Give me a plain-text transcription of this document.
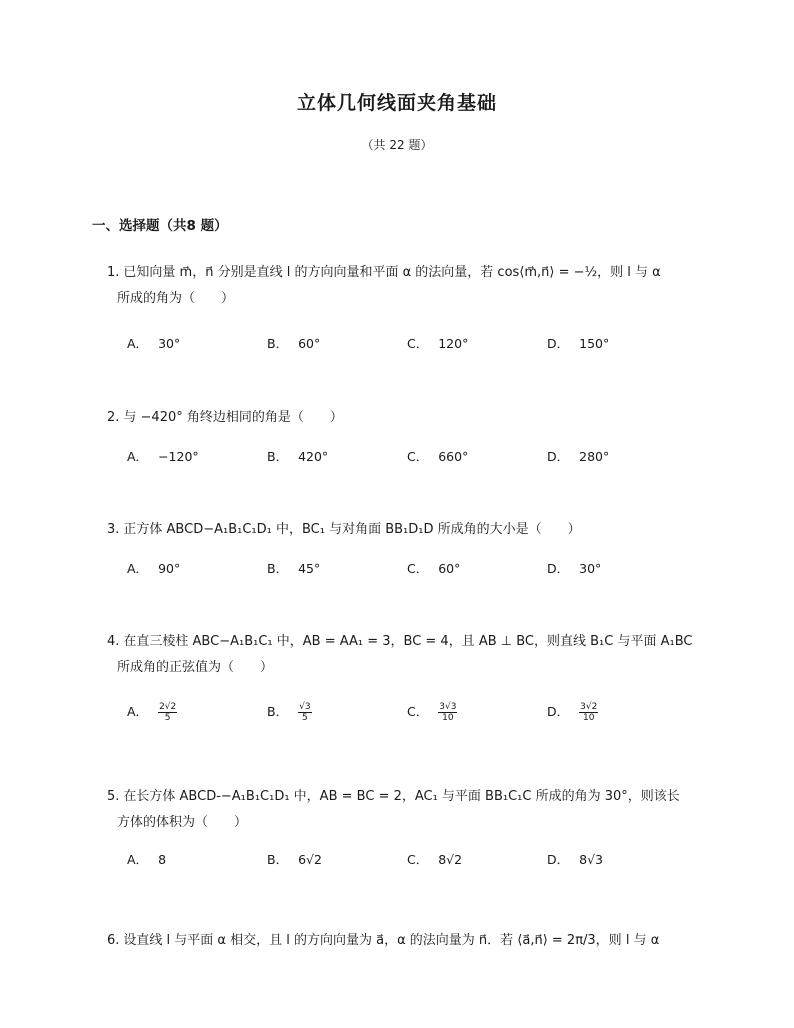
立体几何线面夹角基础
（共 22 题）
一、选择题（共8 题）
1. 已知向量 m⃗，n⃗ 分别是直线 l 的方向向量和平面 α 的法向量，若 cos⟨m⃗,n⃗⟩ = −½，则 l 与 α
所成的角为（　　）
A． 30°	B． 60°	C． 120°	D． 150°
2. 与 −420° 角终边相同的角是（　　）
A． −120°	B． 420°	C． 660°	D． 280°
3. 正方体 ABCD−A₁B₁C₁D₁ 中，BC₁ 与对角面 BB₁D₁D 所成角的大小是（　　）
A． 90°	B． 45°	C． 60°	D． 30°
4. 在直三棱柱 ABC−A₁B₁C₁ 中，AB = AA₁ = 3，BC = 4，且 AB ⊥ BC，则直线 B₁C 与平面 A₁BC
所成角的正弦值为（　　）
A． $\frac{2√2}{5}$	B． $\frac{√3}{5}$	C． $\frac{3√3}{10}$	D． $\frac{3√2}{10}$
5. 在长方体 ABCD-−A₁B₁C₁D₁ 中，AB = BC = 2，AC₁ 与平面 BB₁C₁C 所成的角为 30°，则该长
方体的体积为（　　）
A． 8	B． 6√2	C． 8√2	D． 8√3
6. 设直线 l 与平面 α 相交，且 l 的方向向量为 a⃗，α 的法向量为 n⃗．若 ⟨a⃗,n⃗⟩ = 2π/3，则 l 与 α
